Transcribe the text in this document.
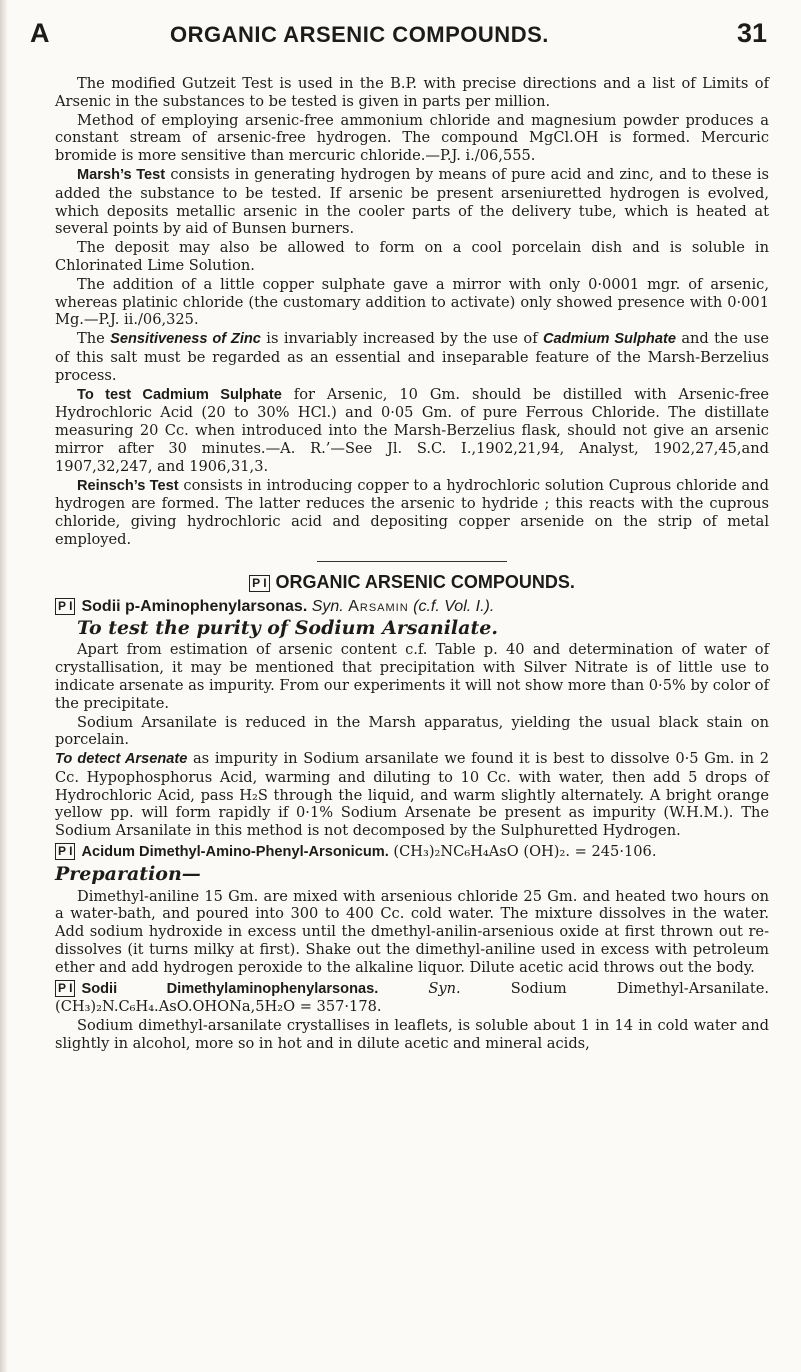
A	ORGANIC ARSENIC COMPOUNDS.	31

The modified Gutzeit Test is used in the B.P. with precise directions and a list of Limits of Arsenic in the substances to be tested is given in parts per million.

Method of employing arsenic-free ammonium chloride and magnesium powder produces a constant stream of arsenic-free hydrogen. The compound MgCl.OH is formed. Mercuric bromide is more sensitive than mercuric chloride.—P.J. i./06,555.

Marsh’s Test consists in generating hydrogen by means of pure acid and zinc, and to these is added the substance to be tested. If arsenic be present arseniuretted hydrogen is evolved, which deposits metallic arsenic in the cooler parts of the delivery tube, which is heated at several points by aid of Bunsen burners.

The deposit may also be allowed to form on a cool porcelain dish and is soluble in Chlorinated Lime Solution.

The addition of a little copper sulphate gave a mirror with only 0·0001 mgr. of arsenic, whereas platinic chloride (the customary addition to activate) only showed presence with 0·001 Mg.—P.J. ii./06,325.

The Sensitiveness of Zinc is invariably increased by the use of Cadmium Sulphate and the use of this salt must be regarded as an essential and inseparable feature of the Marsh-Berzelius process.

To test Cadmium Sulphate for Arsenic, 10 Gm. should be distilled with Arsenic-free Hydrochloric Acid (20 to 30% HCl.) and 0·05 Gm. of pure Ferrous Chloride. The distillate measuring 20 Cc. when introduced into the Marsh-Berzelius flask, should not give an arsenic mirror after 30 minutes.—A. R.’—See Jl. S.C. I.,1902,21,94, Analyst, 1902,27,45,and 1907,32,247, and 1906,31,3.

Reinsch’s Test consists in introducing copper to a hydrochloric solution Cuprous chloride and hydrogen are formed. The latter reduces the arsenic to hydride ; this reacts with the cuprous chloride, giving hydrochloric acid and depositing copper arsenide on the strip of metal employed.

P I ORGANIC ARSENIC COMPOUNDS.

P I Sodii p-Aminophenylarsonas. Syn. Arsamin (c.f. Vol. I.).

To test the purity of Sodium Arsanilate.

Apart from estimation of arsenic content c.f. Table p. 40 and determination of water of crystallisation, it may be mentioned that precipitation with Silver Nitrate is of little use to indicate arsenate as impurity. From our experiments it will not show more than 0·5% by color of the precipitate.

Sodium Arsanilate is reduced in the Marsh apparatus, yielding the usual black stain on porcelain.

To detect Arsenate as impurity in Sodium arsanilate we found it is best to dissolve 0·5 Gm. in 2 Cc. Hypophosphorus Acid, warming and diluting to 10 Cc. with water, then add 5 drops of Hydrochloric Acid, pass H₂S through the liquid, and warm slightly alternately. A bright orange yellow pp. will form rapidly if 0·1% Sodium Arsenate be present as impurity (W.H.M.). The Sodium Arsanilate in this method is not decomposed by the Sulphuretted Hydrogen.

P I Acidum Dimethyl-Amino-Phenyl-Arsonicum. (CH₃)₂NC₆H₄AsO (OH)₂. = 245·106.

Preparation—

Dimethyl-aniline 15 Gm. are mixed with arsenious chloride 25 Gm. and heated two hours on a water-bath, and poured into 300 to 400 Cc. cold water. The mixture dissolves in the water. Add sodium hydroxide in excess until the dmethyl-anilin-arsenious oxide at first thrown out re-dissolves (it turns milky at first). Shake out the dimethyl-aniline used in excess with petroleum ether and add hydrogen peroxide to the alkaline liquor. Dilute acetic acid throws out the body.

P I Sodii Dimethylaminophenylarsonas.	Syn.	Sodium Dimethyl-Arsanilate. (CH₃)₂N.C₆H₄.AsO.OHONa,5H₂O = 357·178.

Sodium dimethyl-arsanilate crystallises in leaflets, is soluble about 1 in 14 in cold water and slightly in alcohol, more so in hot and in dilute acetic and mineral acids,
